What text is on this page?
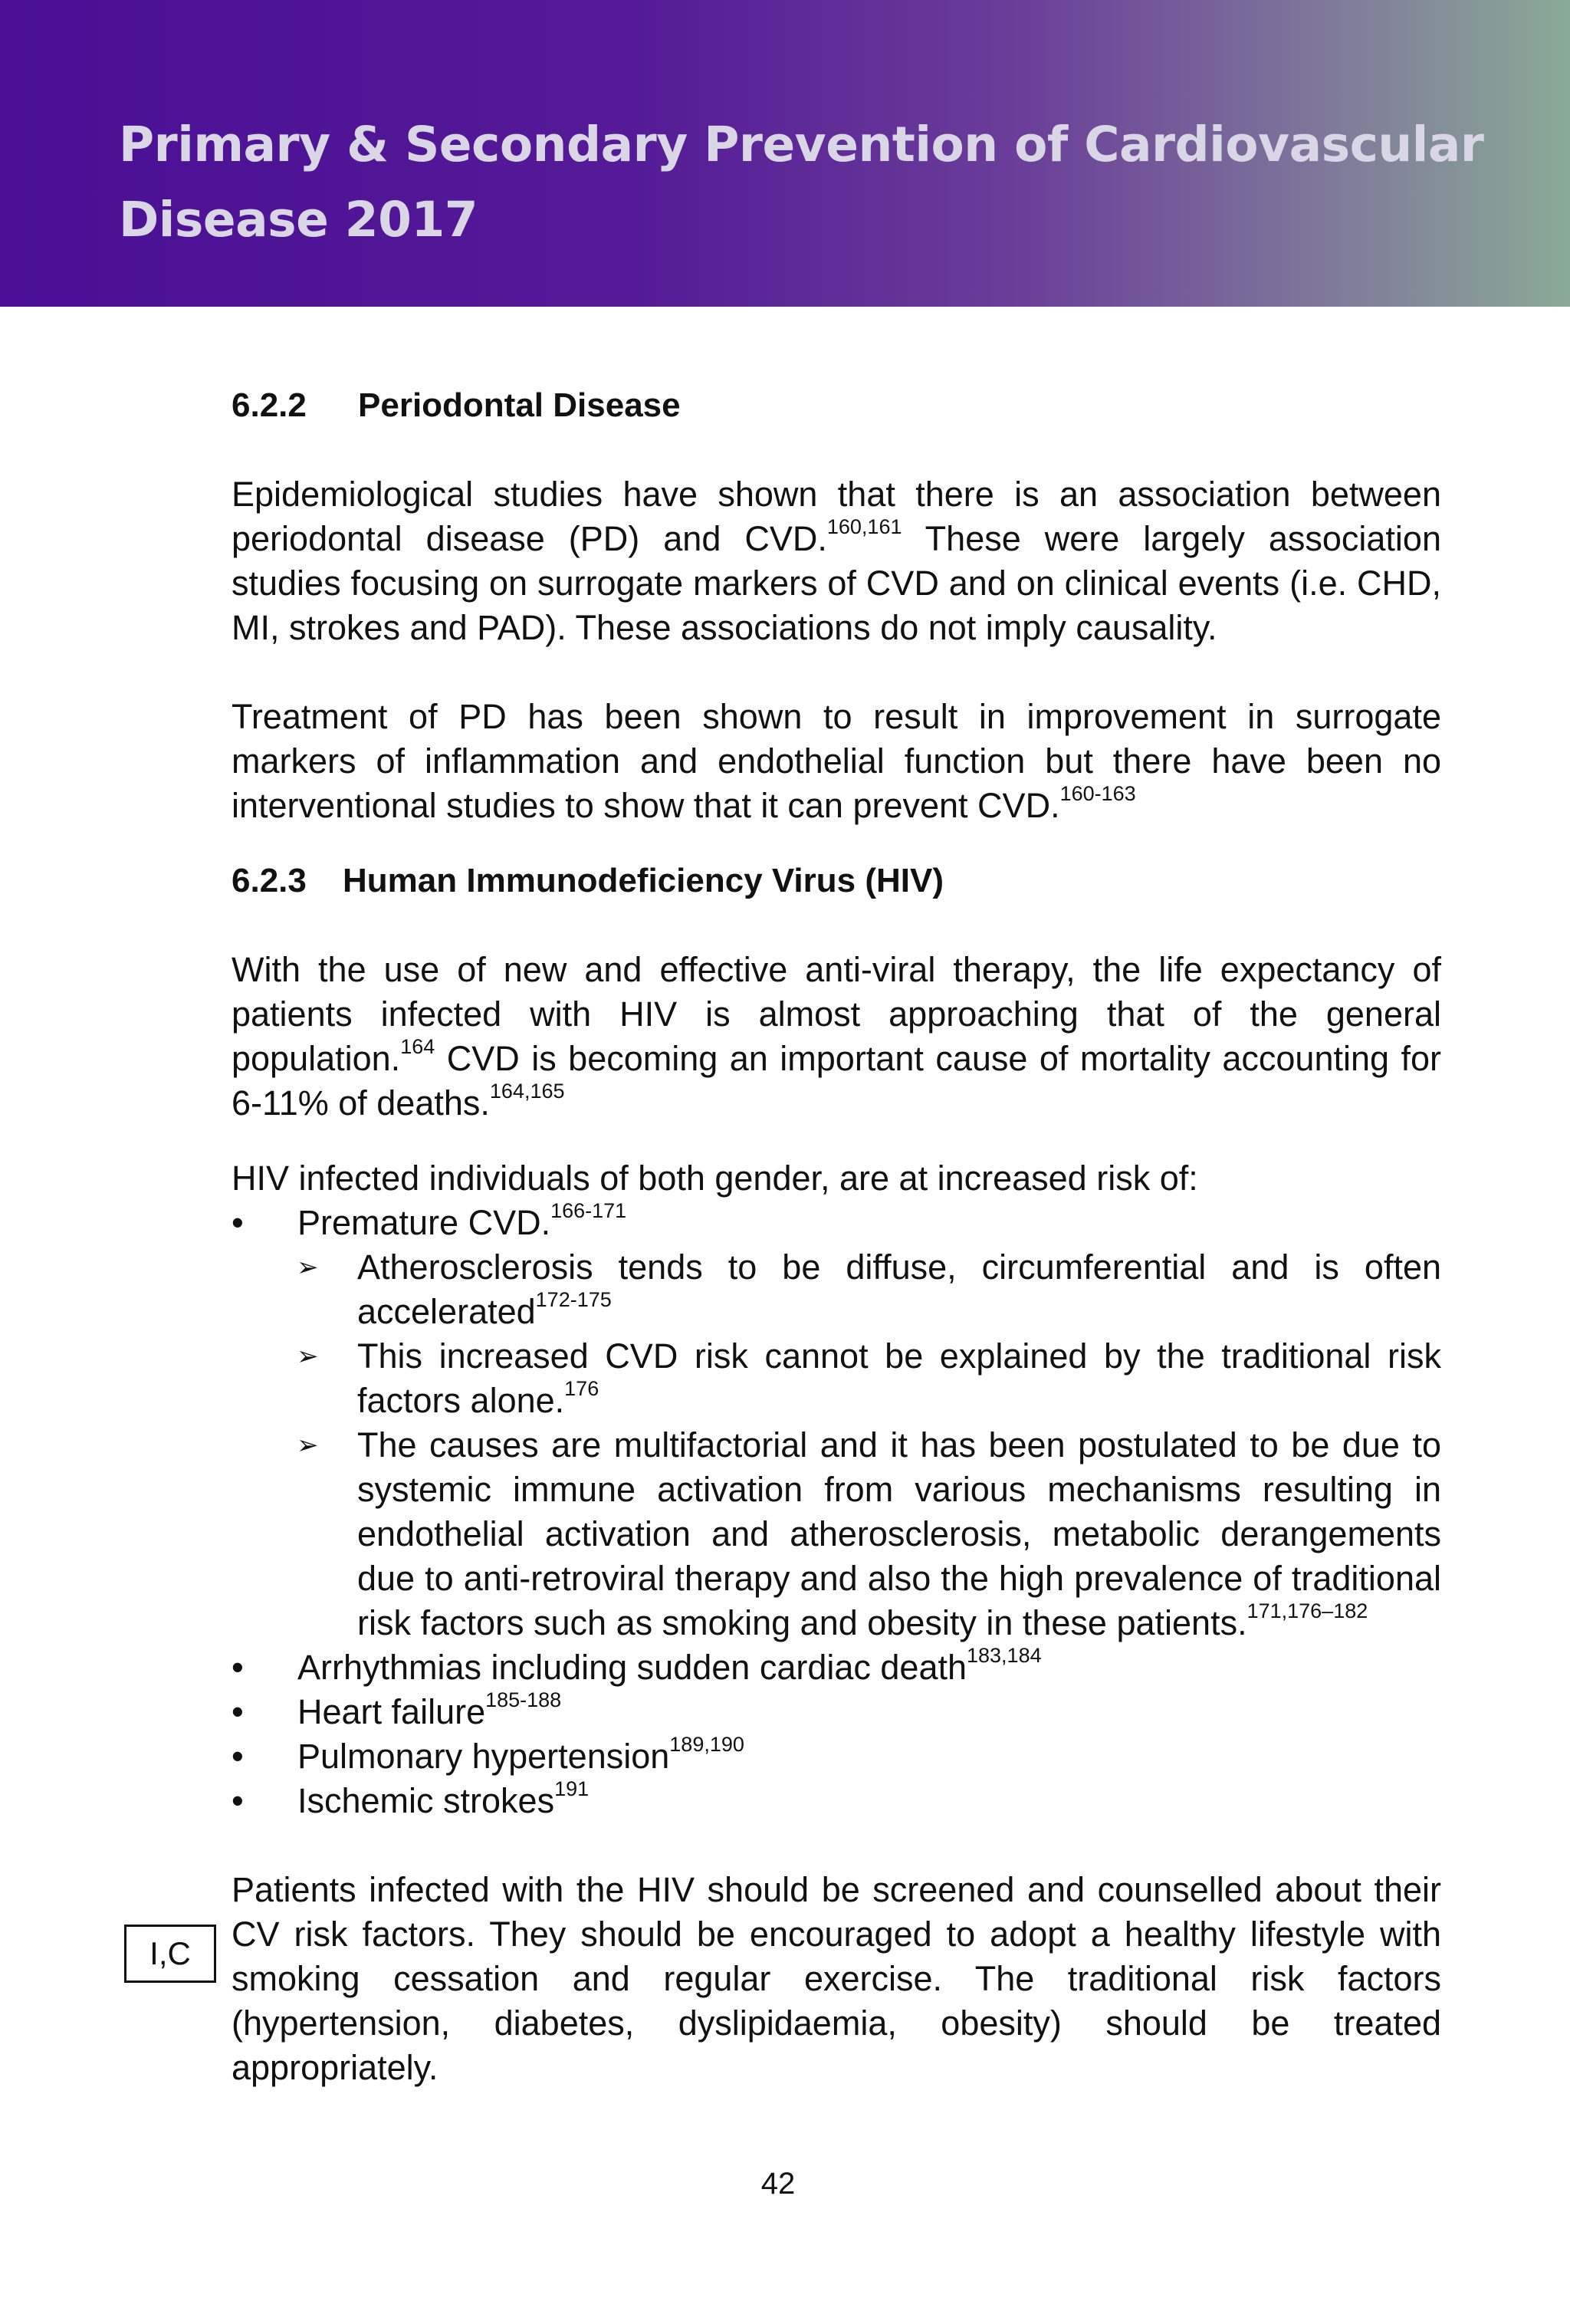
Primary & Secondary Prevention of Cardiovascular
Disease 2017

6.2.2 Periodontal Disease

Epidemiological studies have shown that there is an association between periodontal disease (PD) and CVD.$^{160,161}$ These were largely association studies focusing on surrogate markers of CVD and on clinical events (i.e. CHD, MI, strokes and PAD). These associations do not imply causality.

Treatment of PD has been shown to result in improvement in surrogate markers of inflammation and endothelial function but there have been no interventional studies to show that it can prevent CVD.$^{160-163}$

6.2.3 Human Immunodeficiency Virus (HIV)

With the use of new and effective anti-viral therapy, the life expectancy of patients infected with HIV is almost approaching that of the general population.$^{164}$ CVD is becoming an important cause of mortality accounting for 6-11% of deaths.$^{164,165}$

HIV infected individuals of both gender, are at increased risk of:

• Premature CVD.$^{166-171}$
➢ Atherosclerosis tends to be diffuse, circumferential and is often accelerated$^{172-175}$
➢ This increased CVD risk cannot be explained by the traditional risk factors alone.$^{176}$
➢ The causes are multifactorial and it has been postulated to be due to systemic immune activation from various mechanisms resulting in endothelial activation and atherosclerosis, metabolic derangements due to anti-retroviral therapy and also the high prevalence of traditional risk factors such as smoking and obesity in these patients.$^{171,176-182}$
• Arrhythmias including sudden cardiac death$^{183,184}$
• Heart failure$^{185-188}$
• Pulmonary hypertension$^{189,190}$
• Ischemic strokes$^{191}$

Patients infected with the HIV should be screened and counselled about their CV risk factors. They should be encouraged to adopt a healthy lifestyle with smoking cessation and regular exercise. The traditional risk factors (hypertension, diabetes, dyslipidaemia, obesity) should be treated appropriately.

I,C
42
